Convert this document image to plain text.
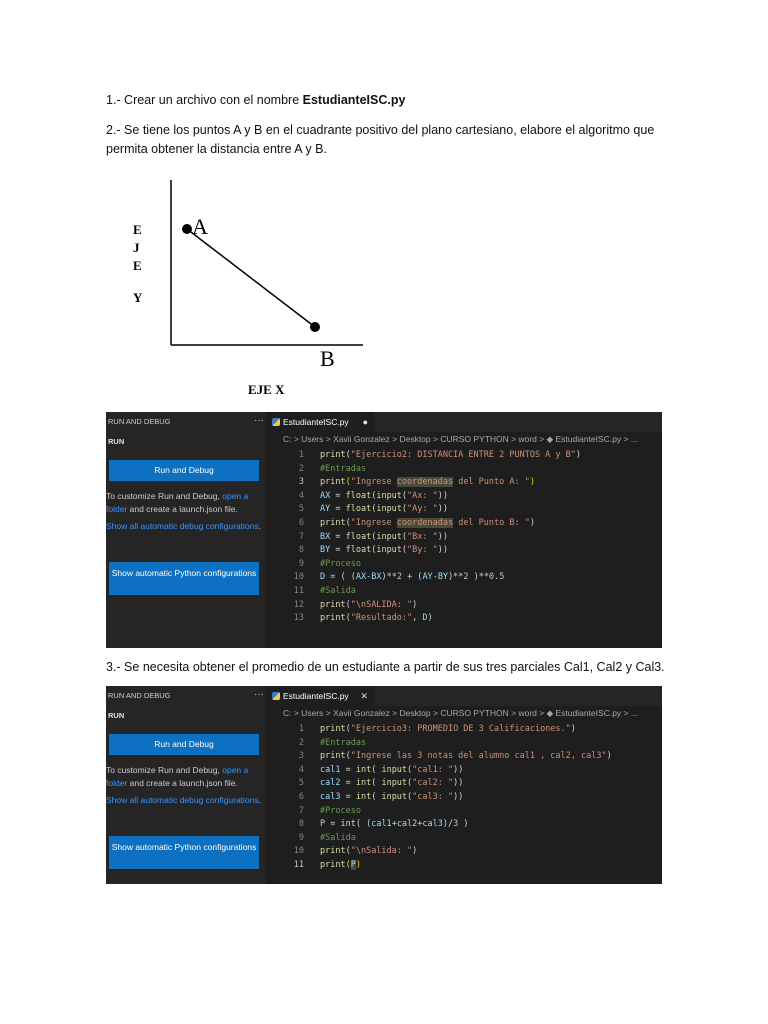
1.- Crear un archivo con el nombre EstudianteISC.py
2.- Se tiene los puntos A y B en el cuadrante positivo del plano cartesiano, elabore el algoritmo que permita obtener la distancia entre A y B.
E
J
E
Y
A
B
EJE X
RUN AND DEBUG	···
RUN
Run and Debug
To customize Run and Debug, open a folder and create a launch.json file.
Show all automatic debug configurations.
Show automatic Python configurations
EstudianteISC.py ●
C: > Users > Xavii Gonzalez > Desktop > CURSO PYTHON > word > ◆ EstudianteISC.py > ...
1 print("Ejercicio2: DISTANCIA ENTRE 2 PUNTOS A y B")
2 #Entradas
3 print("Ingrese coordenadas del Punto A: ")
4 AX = float(input("Ax: "))
5 AY = float(input("Ay: "))
6 print("Ingrese coordenadas del Punto B: ")
7 BX = float(input("Bx: "))
8 BY = float(input("By: "))
9 #Proceso
10 D = ( (AX-BX)**2 + (AY-BY)**2 )**0.5
11 #Salida
12 print("\nSALIDA: ")
13 print("Resultado:", D)
3.- Se necesita obtener el promedio de un estudiante a partir de sus tres parciales Cal1, Cal2 y Cal3.
RUN AND DEBUG	···
RUN
Run and Debug
To customize Run and Debug, open a folder and create a launch.json file.
Show all automatic debug configurations.
Show automatic Python configurations
EstudianteISC.py ✕
C: > Users > Xavii Gonzalez > Desktop > CURSO PYTHON > word > ◆ EstudianteISC.py > ...
1 print("Ejercicio3: PROMEDIO DE 3 Calificaciones.")
2 #Entradas
3 print("Ingrese las 3 notas del alumno cal1 , cal2, cal3")
4 cal1 = int( input("cal1: "))
5 cal2 = int( input("cal2: "))
6 cal3 = int( input("cal3: "))
7 #Proceso
8 P = int( (cal1+cal2+cal3)/3 )
9 #Salida
10 print("\nSalida: ")
11 print(P)
